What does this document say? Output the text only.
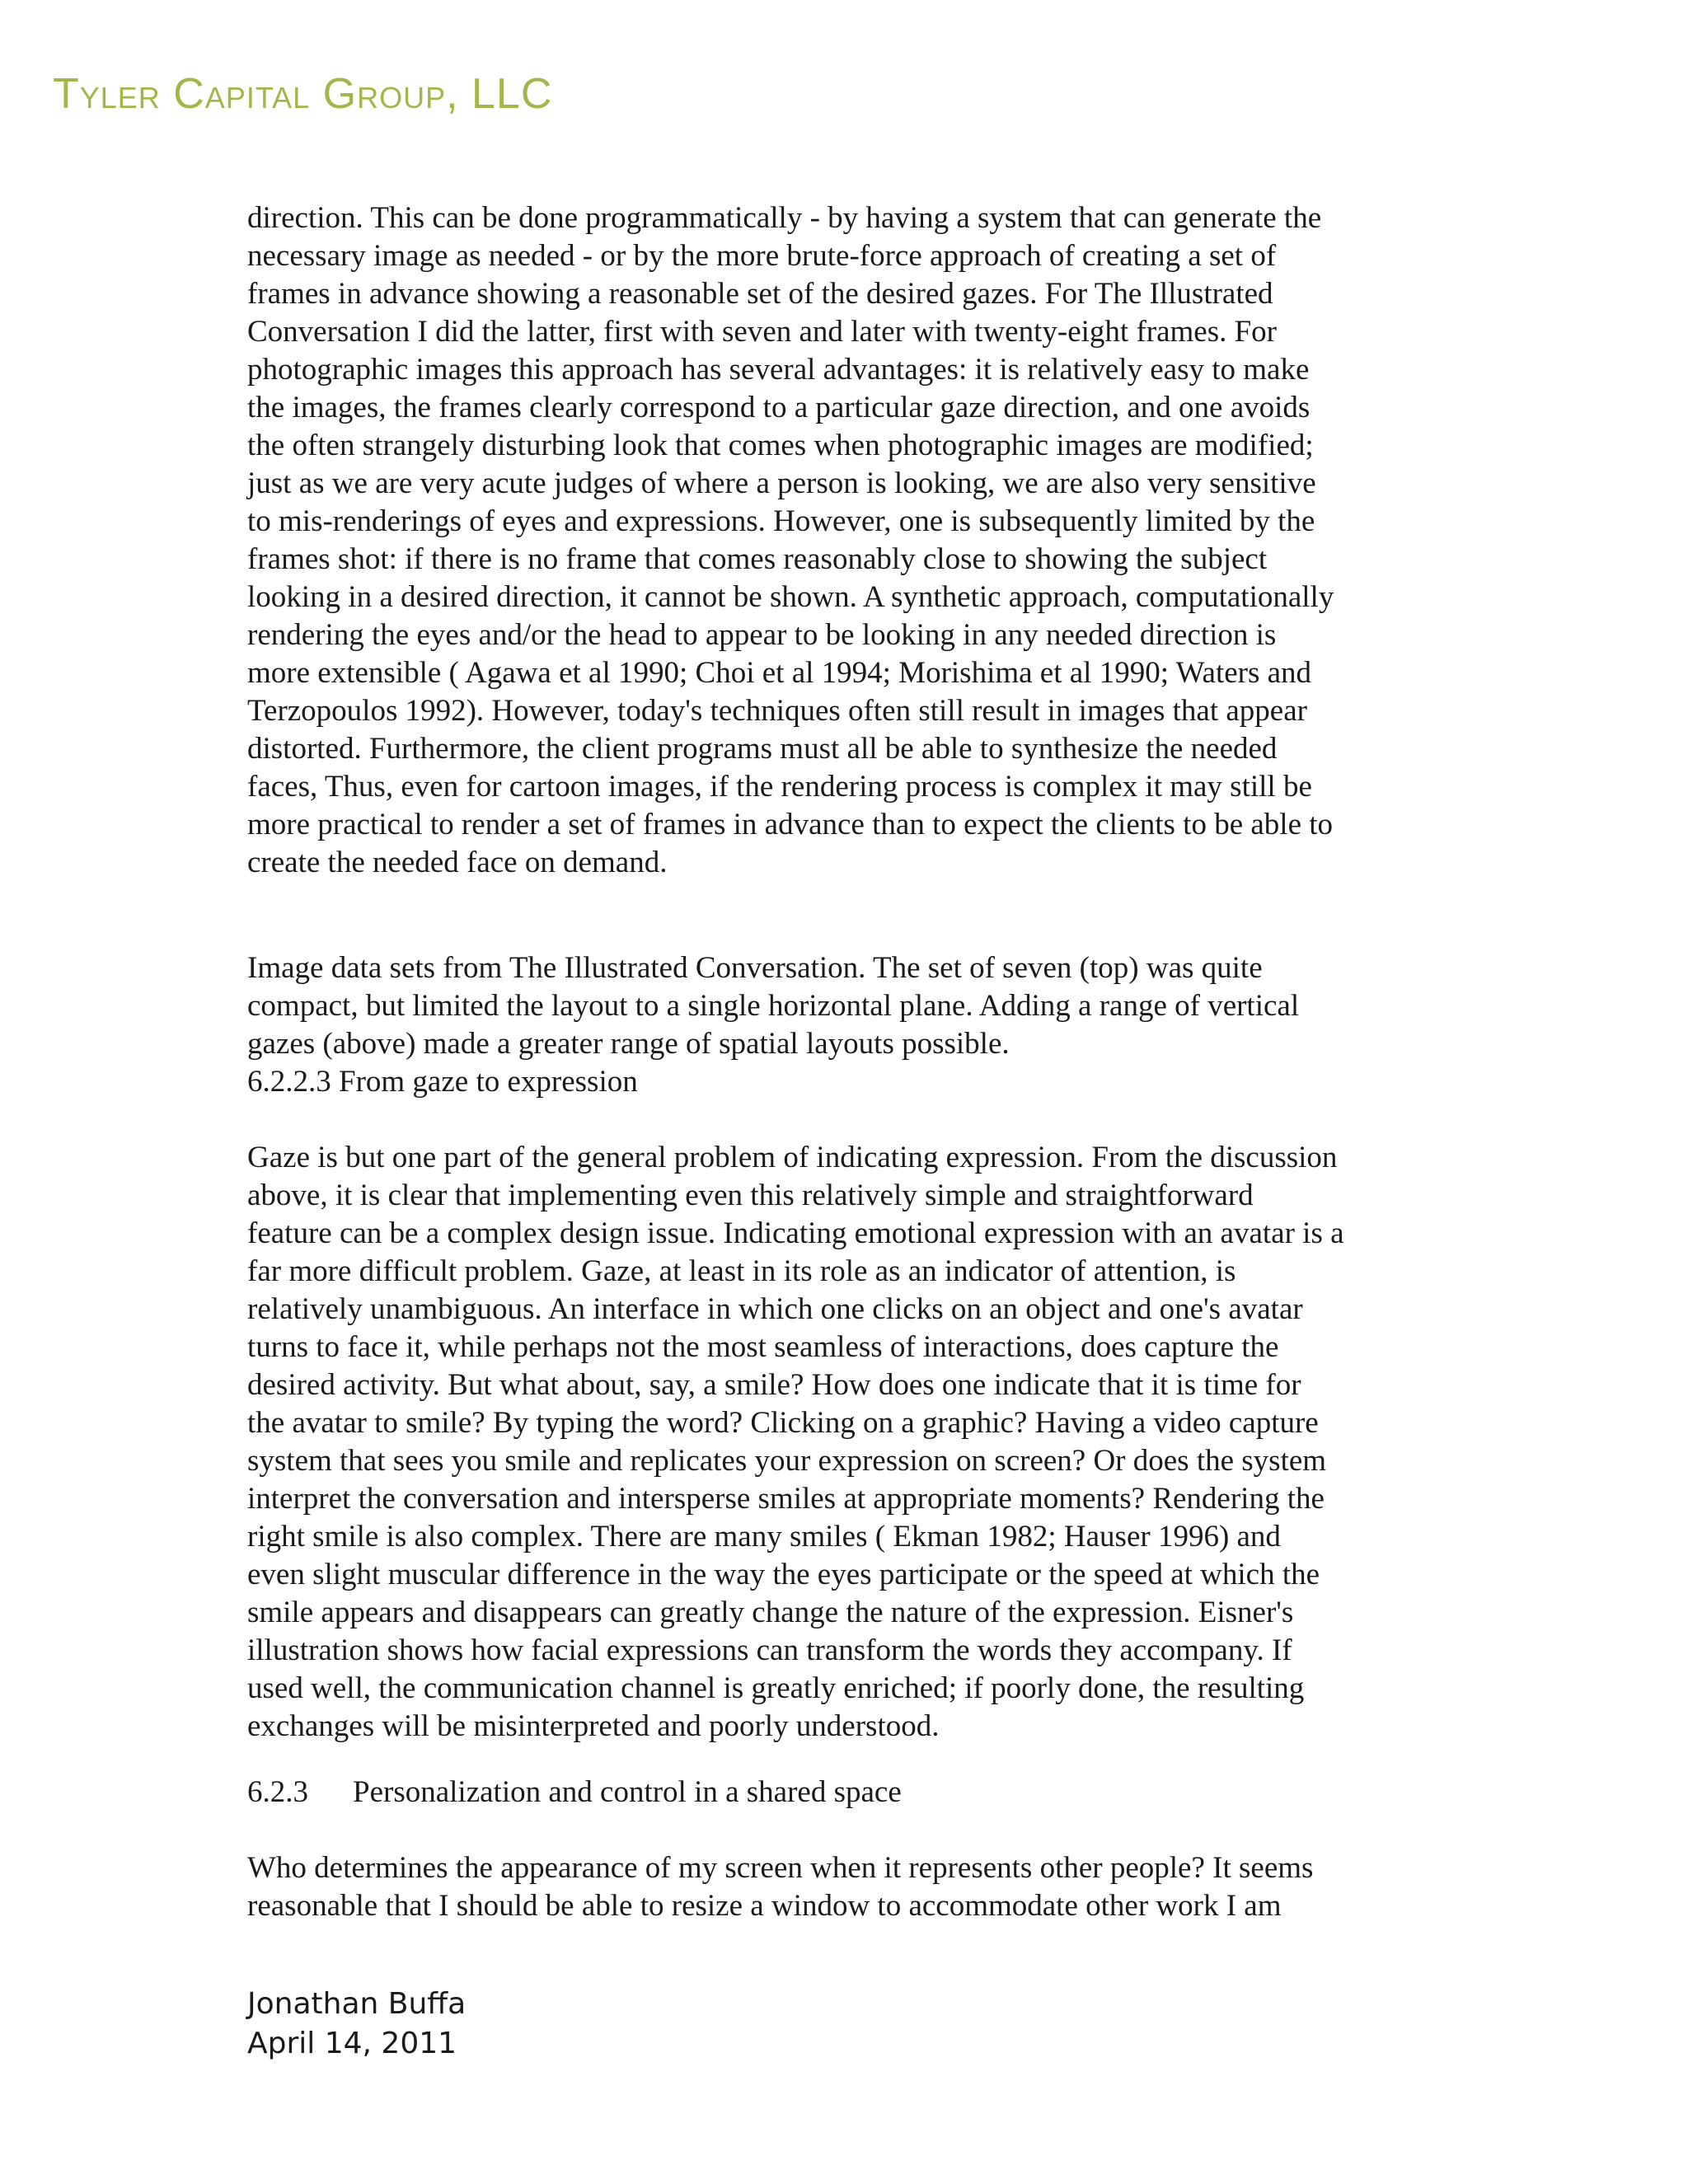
Tyler Capital Group, LLC
direction. This can be done programmatically - by having a system that can generate the
necessary image as needed - or by the more brute-force approach of creating a set of
frames in advance showing a reasonable set of the desired gazes. For The Illustrated
Conversation I did the latter, first with seven and later with twenty-eight frames. For
photographic images this approach has several advantages: it is relatively easy to make
the images, the frames clearly correspond to a particular gaze direction, and one avoids
the often strangely disturbing look that comes when photographic images are modified;
just as we are very acute judges of where a person is looking, we are also very sensitive
to mis-renderings of eyes and expressions. However, one is subsequently limited by the
frames shot: if there is no frame that comes reasonably close to showing the subject
looking in a desired direction, it cannot be shown. A synthetic approach, computationally
rendering the eyes and/or the head to appear to be looking in any needed direction is
more extensible ( Agawa et al 1990; Choi et al 1994; Morishima et al 1990; Waters and
Terzopoulos 1992). However, today's techniques often still result in images that appear
distorted. Furthermore, the client programs must all be able to synthesize the needed
faces, Thus, even for cartoon images, if the rendering process is complex it may still be
more practical to render a set of frames in advance than to expect the clients to be able to
create the needed face on demand.
Image data sets from The Illustrated Conversation. The set of seven (top) was quite
compact, but limited the layout to a single horizontal plane. Adding a range of vertical
gazes (above) made a greater range of spatial layouts possible.
6.2.2.3 From gaze to expression
Gaze is but one part of the general problem of indicating expression. From the discussion
above, it is clear that implementing even this relatively simple and straightforward
feature can be a complex design issue. Indicating emotional expression with an avatar is a
far more difficult problem. Gaze, at least in its role as an indicator of attention, is
relatively unambiguous. An interface in which one clicks on an object and one's avatar
turns to face it, while perhaps not the most seamless of interactions, does capture the
desired activity. But what about, say, a smile? How does one indicate that it is time for
the avatar to smile? By typing the word? Clicking on a graphic? Having a video capture
system that sees you smile and replicates your expression on screen? Or does the system
interpret the conversation and intersperse smiles at appropriate moments? Rendering the
right smile is also complex. There are many smiles ( Ekman 1982; Hauser 1996) and
even slight muscular difference in the way the eyes participate or the speed at which the
smile appears and disappears can greatly change the nature of the expression. Eisner's
illustration shows how facial expressions can transform the words they accompany. If
used well, the communication channel is greatly enriched; if poorly done, the resulting
exchanges will be misinterpreted and poorly understood.
6.2.3 Personalization and control in a shared space
Who determines the appearance of my screen when it represents other people? It seems
reasonable that I should be able to resize a window to accommodate other work I am
Jonathan Buffa
April 14, 2011
